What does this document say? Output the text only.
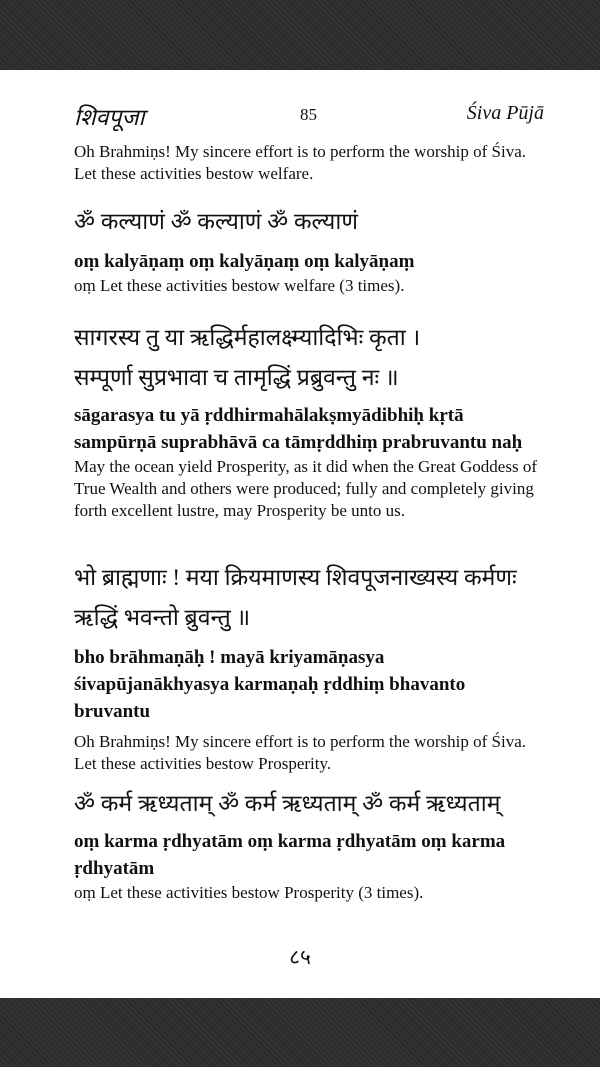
शिवपूजा	85	Śiva Pūjā

Oh Brahmiṇs! My sincere effort is to perform the worship of Śiva. Let these activities bestow welfare.

ॐ कल्याणं ॐ कल्याणं ॐ कल्याणं

oṃ kalyāṇaṃ oṃ kalyāṇaṃ oṃ kalyāṇaṃ

oṃ Let these activities bestow welfare (3 times).

सागरस्य तु या ऋद्धिर्महालक्ष्म्यादिभिः कृता ।

सम्पूर्णा सुप्रभावा च तामृद्धिं प्रब्रुवन्तु नः ॥

sāgarasya tu yā ṛddhirmahālakṣmyādibhiḥ kṛtā

sampūrṇā suprabhāvā ca tāmṛddhiṃ prabruvantu naḥ

May the ocean yield Prosperity, as it did when the Great Goddess of True Wealth and others were produced; fully and completely giving forth excellent lustre, may Prosperity be unto us.

भो ब्राह्मणाः ! मया क्रियमाणस्य शिवपूजनाख्यस्य कर्मणः

ऋद्धिं भवन्तो ब्रुवन्तु ॥

bho brāhmaṇāḥ ! mayā kriyamāṇasya śivapūjanākhyasya karmaṇaḥ ṛddhiṃ bhavanto bruvantu

Oh Brahmiṇs! My sincere effort is to perform the worship of Śiva. Let these activities bestow Prosperity.

ॐ कर्म ऋध्यताम् ॐ कर्म ऋध्यताम् ॐ कर्म ऋध्यताम्

oṃ karma ṛdhyatām oṃ karma ṛdhyatām oṃ karma ṛdhyatām

oṃ Let these activities bestow Prosperity (3 times).

८५
